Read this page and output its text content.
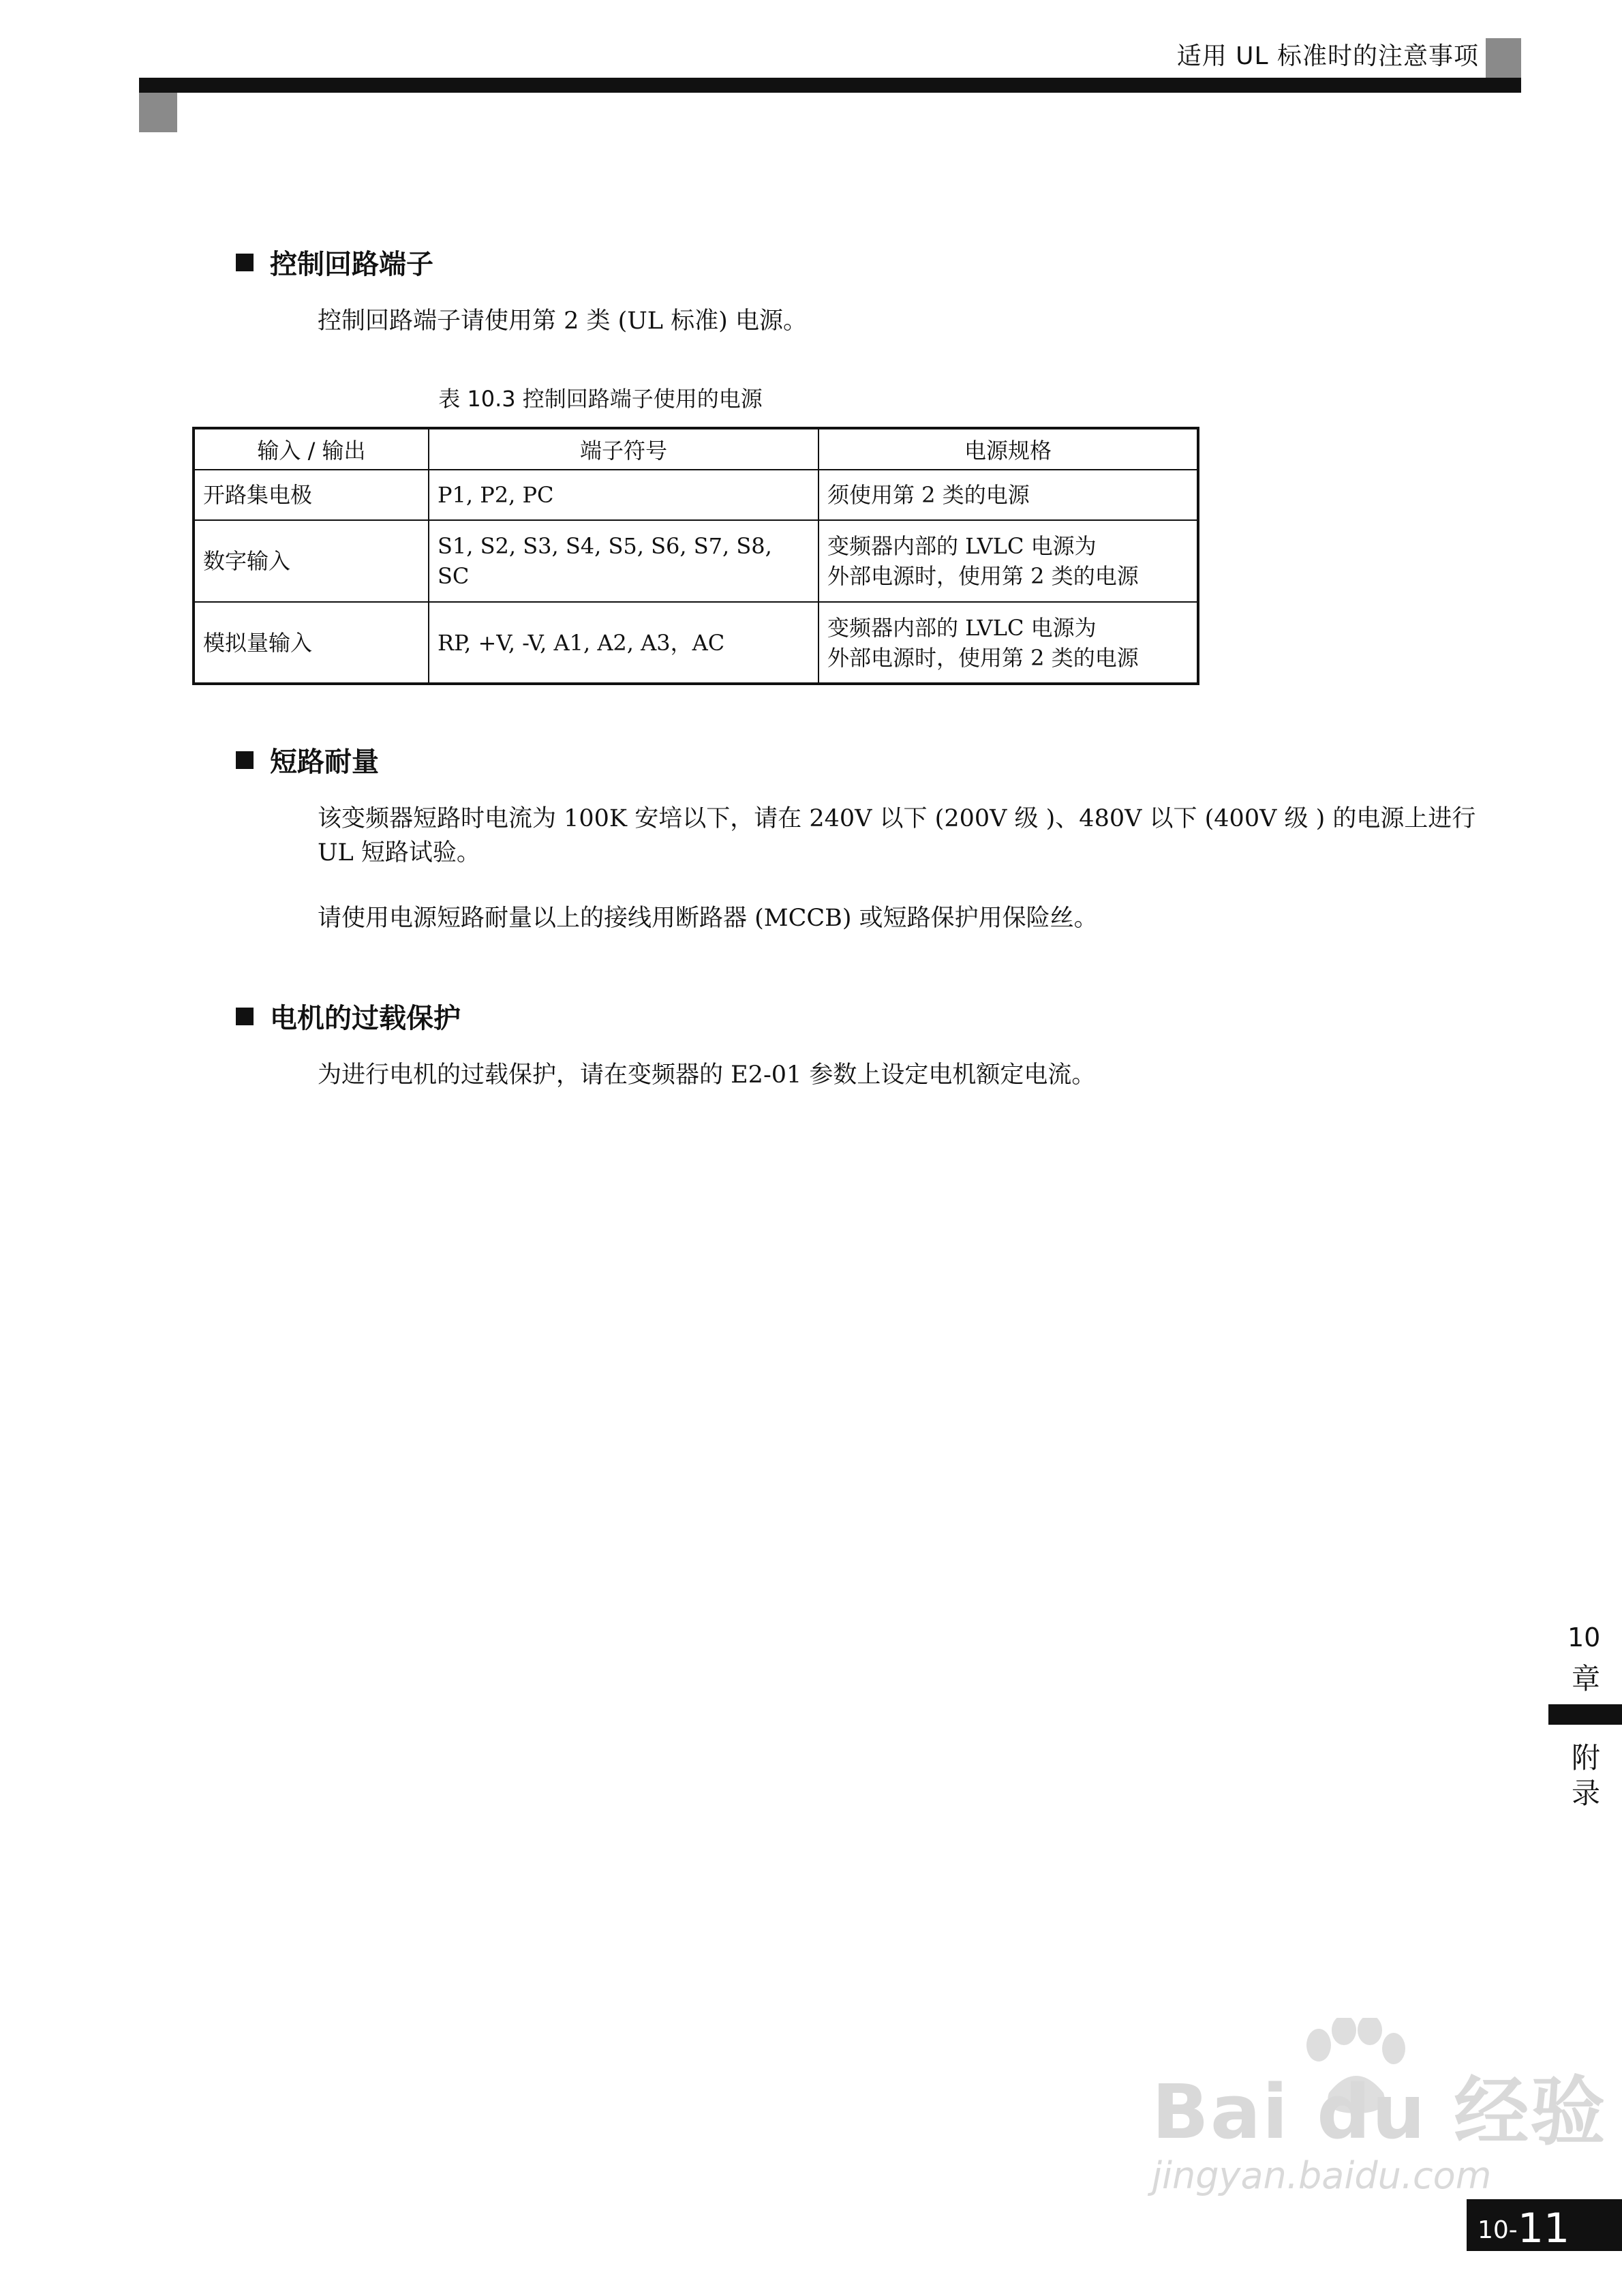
适用 UL 标准时的注意事项
控制回路端子
控制回路端子请使用第 2 类 (UL 标准) 电源。
表 10.3 控制回路端子使用的电源
输入 / 输出	端子符号	电源规格
开路集电极	P1, P2, PC	须使用第 2 类的电源

数字输入	S1, S2, S3, S4, S5, S6, S7, S8, SC	变频器内部的 LVLC 电源为
外部电源时，使用第 2 类的电源

模拟量输入	RP, +V, -V, A1, A2, A3，AC	变频器内部的 LVLC 电源为
外部电源时，使用第 2 类的电源
短路耐量
该变频器短路时电流为 100K 安培以下，请在 240V 以下 (200V 级 )、480V 以下 (400V 级 ) 的电源上进行 UL 短路试验。
请使用电源短路耐量以上的接线用断路器 (MCCB) 或短路保护用保险丝。
电机的过载保护
为进行电机的过载保护，请在变频器的 E2-01 参数上设定电机额定电流。
10
章
附
录
Bai du 经验
jingyan.baidu.com
10- 11
